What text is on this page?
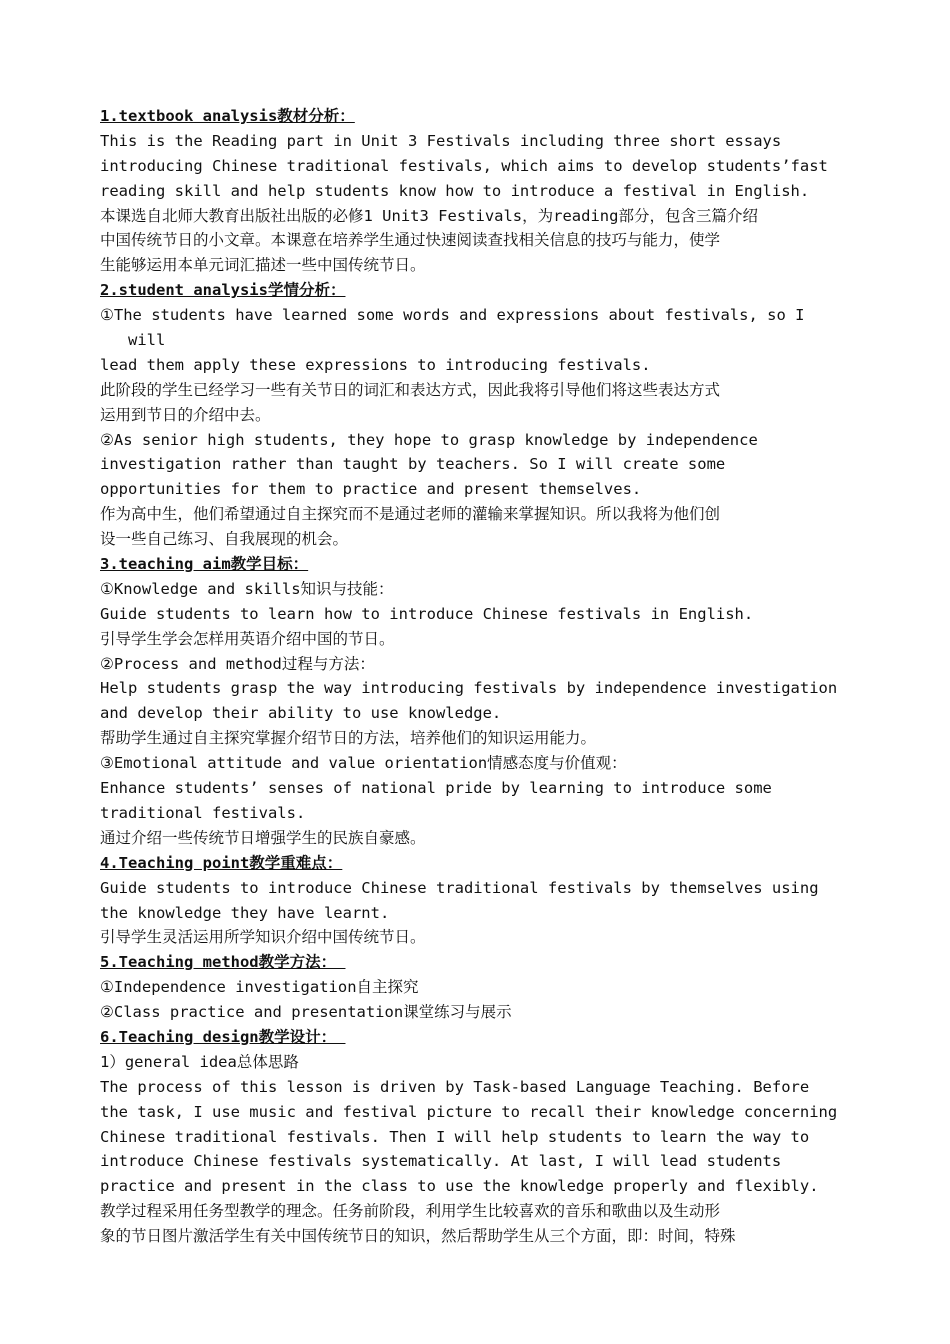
1.textbook analysis教材分析：
This is the Reading part in Unit 3 Festivals including three short essays
introducing Chinese traditional festivals, which aims to develop students’fast
reading skill and help students know how to introduce a festival in English.
本课选自北师大教育出版社出版的必修1 Unit3 Festivals，为reading部分，包含三篇介绍
中国传统节日的小文章。本课意在培养学生通过快速阅读查找相关信息的技巧与能力，使学
生能够运用本单元词汇描述一些中国传统节日。
2.student analysis学情分析：
①The students have learned some words and expressions about festivals, so I
will
lead them apply these expressions to introducing festivals.
此阶段的学生已经学习一些有关节日的词汇和表达方式，因此我将引导他们将这些表达方式
运用到节日的介绍中去。
②As senior high students, they hope to grasp knowledge by independence
investigation rather than taught by teachers. So I will create some
opportunities for them to practice and present themselves.
作为高中生，他们希望通过自主探究而不是通过老师的灌输来掌握知识。所以我将为他们创
设一些自己练习、自我展现的机会。
3.teaching aim教学目标：
①Knowledge and skills知识与技能：
Guide students to learn how to introduce Chinese festivals in English.
引导学生学会怎样用英语介绍中国的节日。
②Process and method过程与方法：
Help students grasp the way introducing festivals by independence investigation
and develop their ability to use knowledge.
帮助学生通过自主探究掌握介绍节日的方法，培养他们的知识运用能力。
③Emotional attitude and value orientation情感态度与价值观：
Enhance students’ senses of national pride by learning to introduce some
traditional festivals.
通过介绍一些传统节日增强学生的民族自豪感。
4.Teaching point教学重难点：
Guide students to introduce Chinese traditional festivals by themselves using
the knowledge they have learnt.
引导学生灵活运用所学知识介绍中国传统节日。
5.Teaching method教学方法：
①Independence investigation自主探究
②Class practice and presentation课堂练习与展示
6.Teaching design教学设计：
1）general idea总体思路
The process of this lesson is driven by Task-based Language Teaching. Before
the task, I use music and festival picture to recall their knowledge concerning
Chinese traditional festivals. Then I will help students to learn the way to
introduce Chinese festivals systematically. At last, I will lead students
practice and present in the class to use the knowledge properly and flexibly.
教学过程采用任务型教学的理念。任务前阶段，利用学生比较喜欢的音乐和歌曲以及生动形
象的节日图片激活学生有关中国传统节日的知识，然后帮助学生从三个方面，即：时间，特殊
